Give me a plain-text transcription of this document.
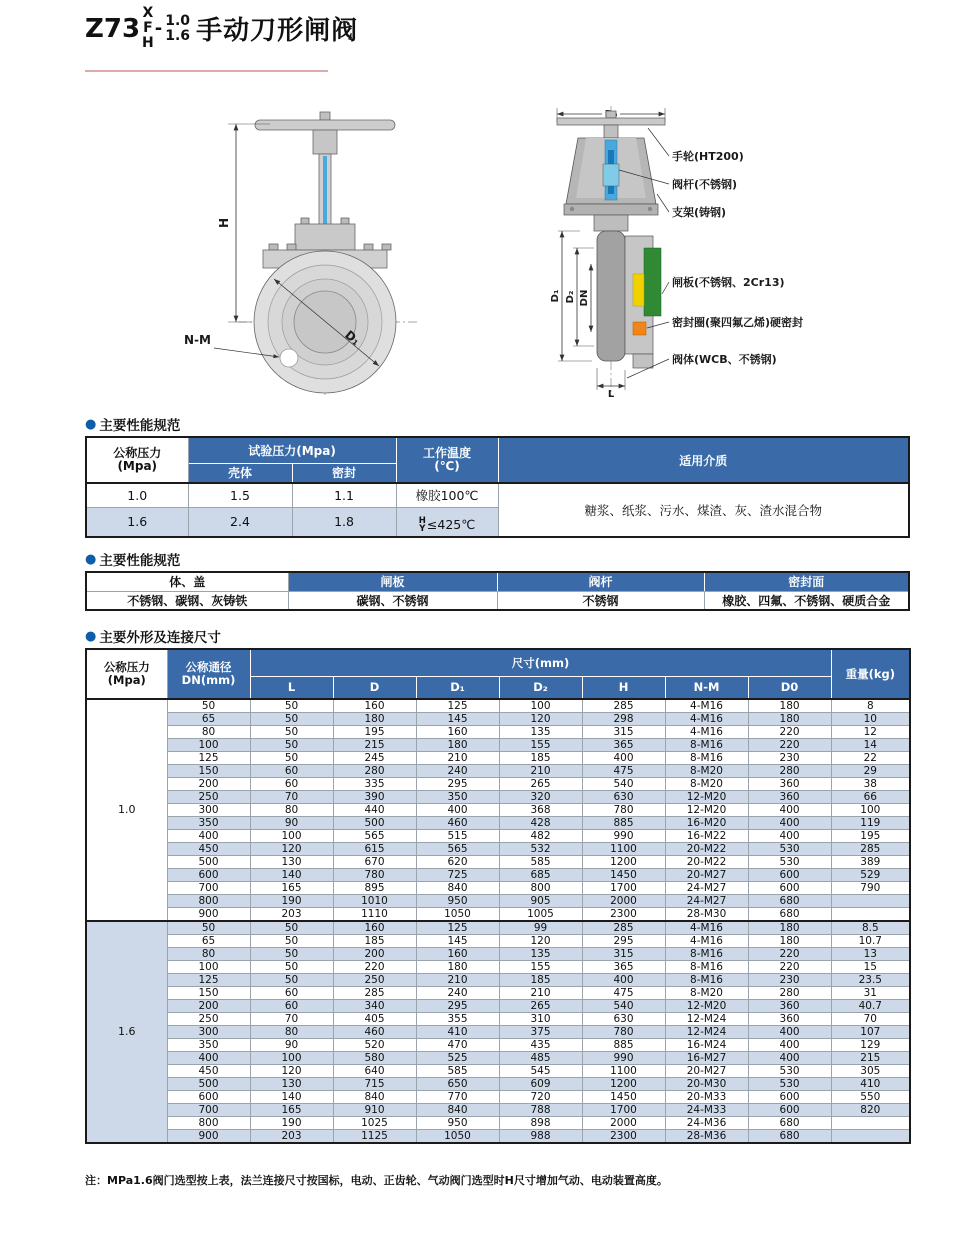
Z73
X
F
H
- 1.0
1.6 手动刀形闸阀
D₁
H
N-M
D₁ D₂ DN
L
手轮(HT200)
阀杆(不锈钢)
支架(铸钢)
闸板(不锈钢、2Cr13)
密封圈(聚四氟乙烯)硬密封
阀体(WCB、不锈钢)
● 主要性能规范
公称压力
(Mpa)	试验压力(Mpa)		工作温度
(℃)	适用介质
	壳体	密封		
1.0	1.5	1.1	橡胶100℃	糖浆、纸浆、污水、煤渣、灰、渣水混合物
1.6	2.4	1.8	H
Y ≤425℃	
● 主要性能规范
体、盖	闸板	阀杆	密封面
不锈钢、碳钢、灰铸铁	碳钢、不锈钢	不锈钢	橡胶、四氟、不锈钢、硬质合金
● 主要外形及连接尺寸
公称压力
(Mpa)	公称通径
DN(mm)	尺寸(mm)							重量(kg)
		L	D	D₁	D₂	H	N-M	D0	
1.0	50	50	160	125	100	285	4-M16	180	8
	65	50	180	145	120	298	4-M16	180	10
	80	50	195	160	135	315	4-M16	220	12
	100	50	215	180	155	365	8-M16	220	14
	125	50	245	210	185	400	8-M16	230	22
	150	60	280	240	210	475	8-M20	280	29
	200	60	335	295	265	540	8-M20	360	38
	250	70	390	350	320	630	12-M20	360	66
	300	80	440	400	368	780	12-M20	400	100
	350	90	500	460	428	885	16-M20	400	119
	400	100	565	515	482	990	16-M22	400	195
	450	120	615	565	532	1100	20-M22	530	285
	500	130	670	620	585	1200	20-M22	530	389
	600	140	780	725	685	1450	20-M27	600	529
	700	165	895	840	800	1700	24-M27	600	790
	800	190	1010	950	905	2000	24-M27	680	
	900	203	1110	1050	1005	2300	28-M30	680	
1.6	50	50	160	125	99	285	4-M16	180	8.5
	65	50	185	145	120	295	4-M16	180	10.7
	80	50	200	160	135	315	8-M16	220	13
	100	50	220	180	155	365	8-M16	220	15
	125	50	250	210	185	400	8-M16	230	23.5
	150	60	285	240	210	475	8-M20	280	31
	200	60	340	295	265	540	12-M20	360	40.7
	250	70	405	355	310	630	12-M24	360	70
	300	80	460	410	375	780	12-M24	400	107
	350	90	520	470	435	885	16-M24	400	129
	400	100	580	525	485	990	16-M27	400	215
	450	120	640	585	545	1100	20-M27	530	305
	500	130	715	650	609	1200	20-M30	530	410
	600	140	840	770	720	1450	20-M33	600	550
	700	165	910	840	788	1700	24-M33	600	820
	800	190	1025	950	898	2000	24-M36	680	
	900	203	1125	1050	988	2300	28-M36	680	
注：MPa1.6阀门选型按上表，法兰连接尺寸按国标，电动、正齿轮、气动阀门选型时H尺寸增加气动、电动装置高度。
